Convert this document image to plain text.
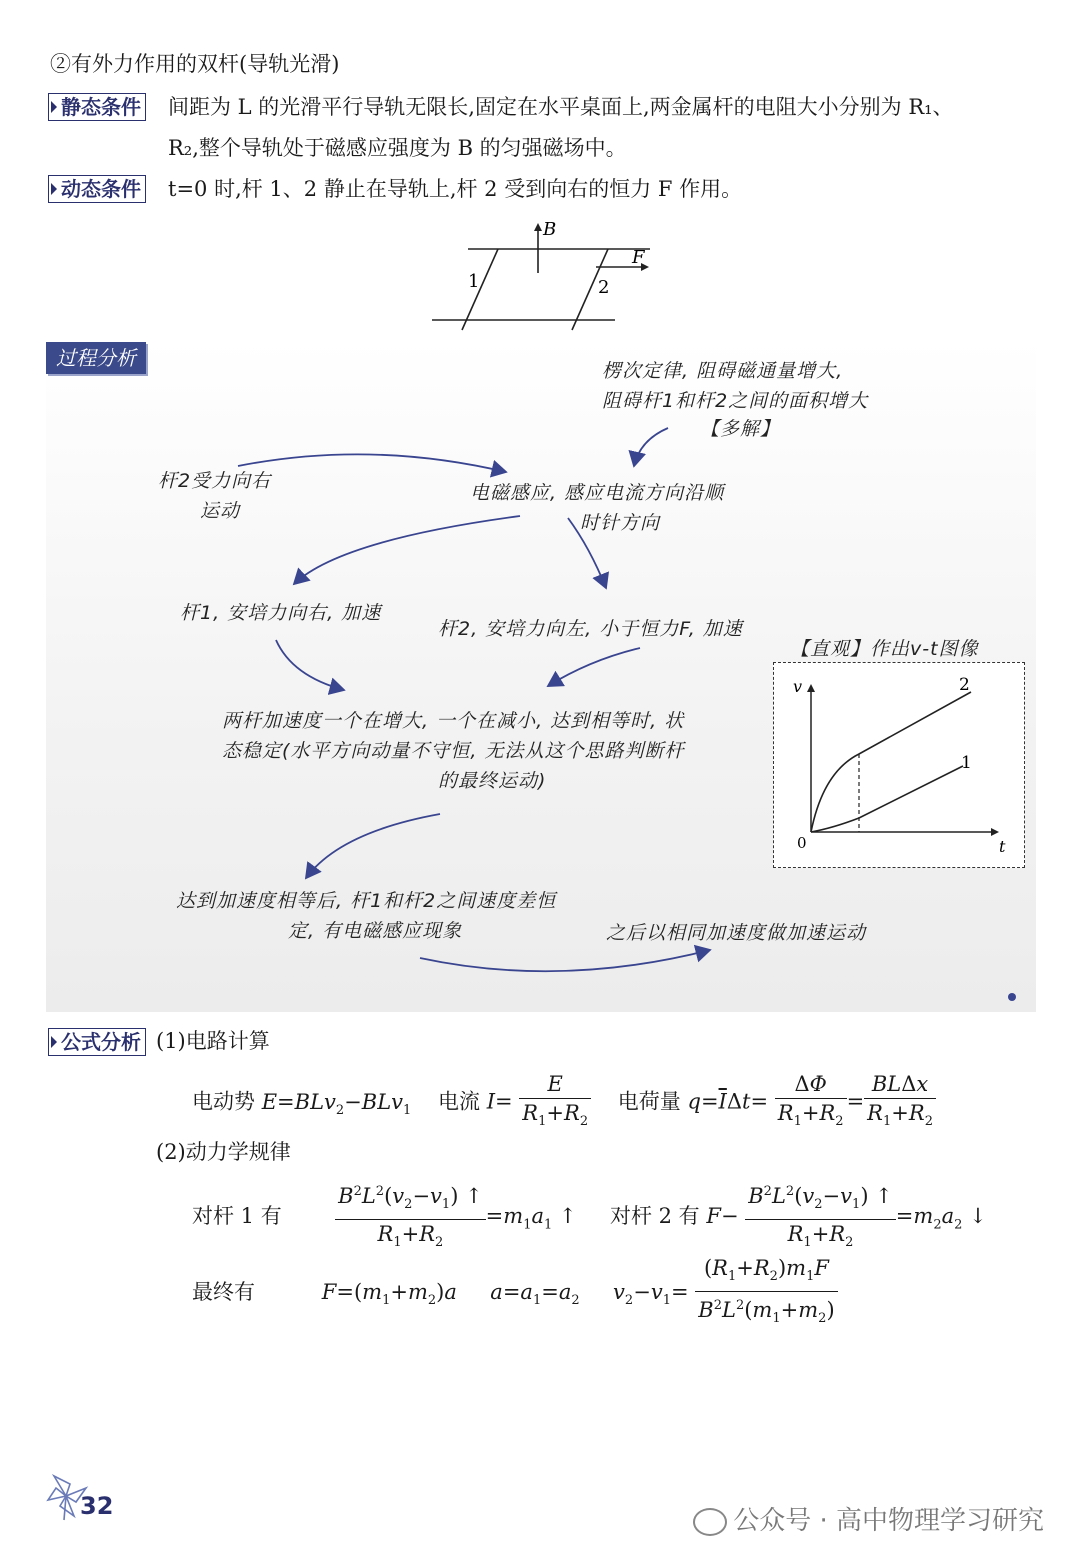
②有外力作用的双杆(导轨光滑)
静态条件 间距为 L 的光滑平行导轨无限长,固定在水平桌面上,两金属杆的电阻大小分别为 R₁、
R₂,整个导轨处于磁感应强度为 B 的匀强磁场中。
动态条件 t=0 时,杆 1、2 静止在导轨上,杆 2 受到向右的恒力 F 作用。
B
F
1	2
过程分析
楞次定律, 阻碍磁通量增大,
阻碍杆1和杆2之间的面积增大
【多解】
杆2受力向右
运动
电磁感应, 感应电流方向沿顺
时针方向
杆1, 安培力向右, 加速
杆2, 安培力向左, 小于恒力F, 加速
【直观】作出v-t图像
两杆加速度一个在增大, 一个在减小, 达到相等时, 状
态稳定(水平方向动量不守恒, 无法从这个思路判断杆
的最终运动)
达到加速度相等后, 杆1和杆2之间速度差恒
定, 有电磁感应现象	之后以相同加速度做加速运动
v
t
0
2
1
公式分析 (1)电路计算
电动势 E=BLv$_2$−BLv$_1$ 电流 $I= \frac{E}{R_1+R_2}$ 电荷量 $q=\overline{I}\Delta t= \frac{\Delta\Phi}{R_1+R_2} = \frac{\text{BLΔx}}{R_1+R_2}$
(2)动力学规律
对杆 1 有	$\frac{B^2L^2(v_2-v_1) ↑}{R_1+R_2} =m_1a_1$ ↑     对杆 2 有 $F- \frac{B^2L^2(v_2-v_1) ↑}{R_1+R_2} =m_2a_2$ ↓
最终有	$F=(m_1+m_2)a$ $a=a_1=a_2$ $v_2-v_1= \frac{(R_1+R_2)m_1F}{B^2L^2(m_1+m_2)}$
32	公众号 · 高中物理学习研究
